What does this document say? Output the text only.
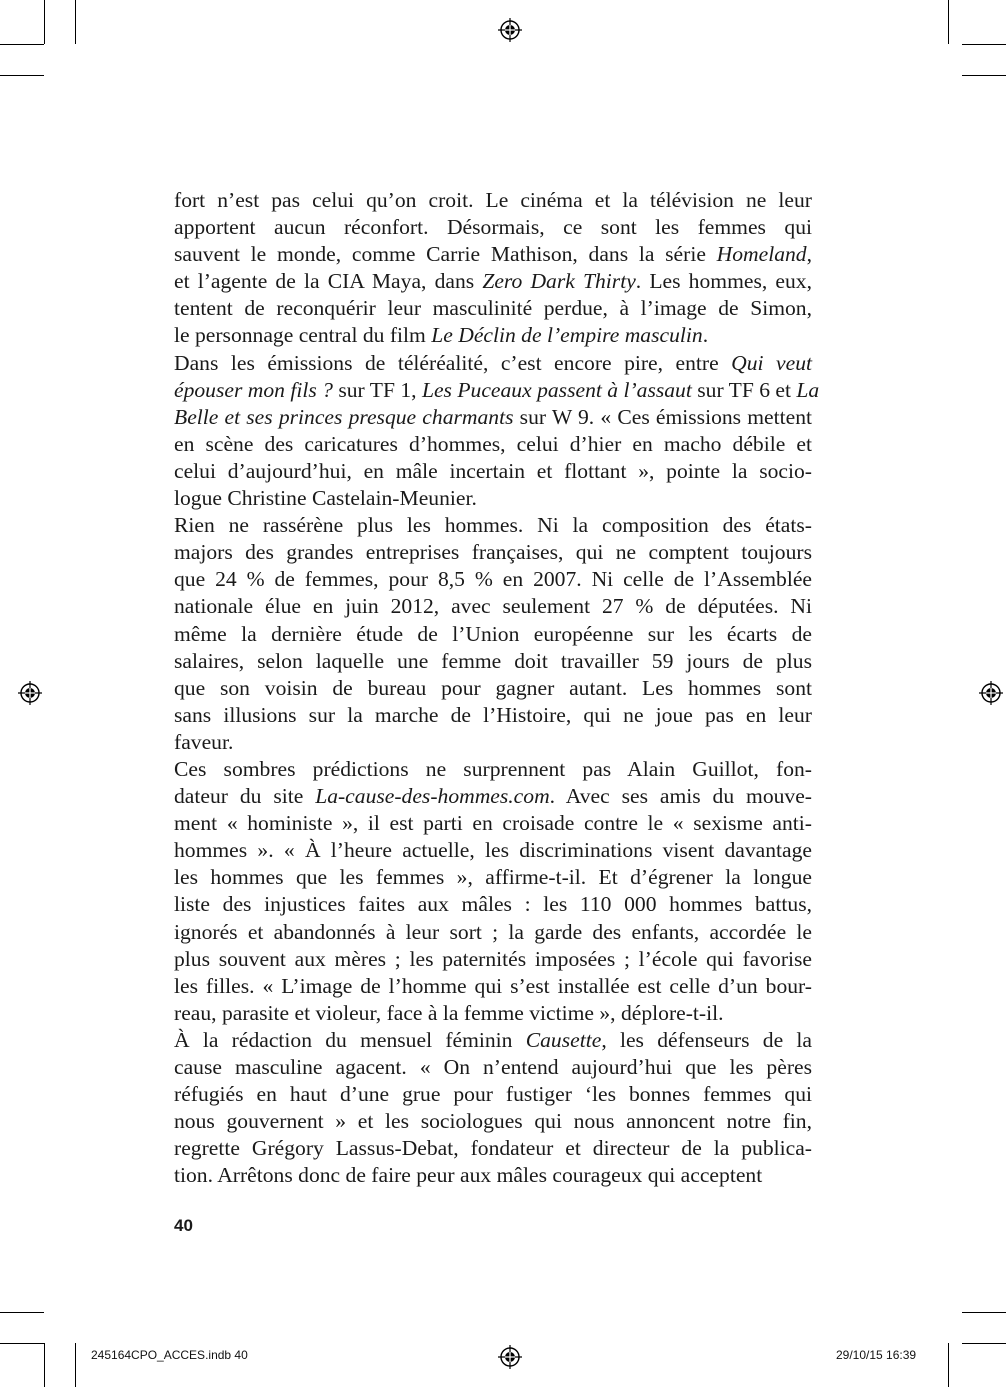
fort n’est pas celui qu’on croit. Le cinéma et la télévision ne leur
apportent aucun réconfort. Désormais, ce sont les femmes qui
sauvent le monde, comme Carrie Mathison, dans la série Homeland,
et l’agente de la CIA Maya, dans Zero Dark Thirty. Les hommes, eux,
tentent de reconquérir leur masculinité perdue, à l’image de Simon,
le personnage central du film Le Déclin de l’empire masculin.
Dans les émissions de téléréalité, c’est encore pire, entre Qui veut
épouser mon fils ? sur TF 1, Les Puceaux passent à l’assaut sur TF 6 et La
Belle et ses princes presque charmants sur W 9. « Ces émissions mettent
en scène des caricatures d’hommes, celui d’hier en macho débile et
celui d’aujourd’hui, en mâle incertain et flottant », pointe la socio-
logue Christine Castelain-Meunier.
Rien ne rassérène plus les hommes. Ni la composition des états-
majors des grandes entreprises françaises, qui ne comptent toujours
que 24 % de femmes, pour 8,5 % en 2007. Ni celle de l’Assemblée
nationale élue en juin 2012, avec seulement 27 % de députées. Ni
même la dernière étude de l’Union européenne sur les écarts de
salaires, selon laquelle une femme doit travailler 59 jours de plus
que son voisin de bureau pour gagner autant. Les hommes sont
sans illusions sur la marche de l’Histoire, qui ne joue pas en leur
faveur.
Ces sombres prédictions ne surprennent pas Alain Guillot, fon-
dateur du site La-cause-des-hommes.com. Avec ses amis du mouve-
ment « hoministe », il est parti en croisade contre le « sexisme anti-
hommes ». « À l’heure actuelle, les discriminations visent davantage
les hommes que les femmes », affirme-t-il. Et d’égrener la longue
liste des injustices faites aux mâles : les 110 000 hommes battus,
ignorés et abandonnés à leur sort ; la garde des enfants, accordée le
plus souvent aux mères ; les paternités imposées ; l’école qui favorise
les filles. « L’image de l’homme qui s’est installée est celle d’un bour-
reau, parasite et violeur, face à la femme victime », déplore-t-il.
À la rédaction du mensuel féminin Causette, les défenseurs de la
cause masculine agacent. « On n’entend aujourd’hui que les pères
réfugiés en haut d’une grue pour fustiger ‘les bonnes femmes qui
nous gouvernent » et les sociologues qui nous annoncent notre fin,
regrette Grégory Lassus-Debat, fondateur et directeur de la publica-
tion. Arrêtons donc de faire peur aux mâles courageux qui acceptent
40
245164CPO_ACCES.indb 40	29/10/15 16:39
